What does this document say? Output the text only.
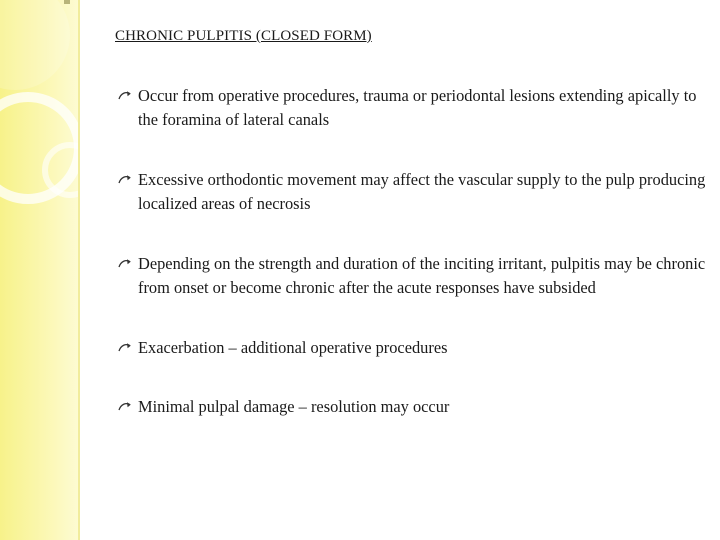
CHRONIC PULPITIS (CLOSED FORM)
Occur from operative procedures, trauma or periodontal lesions extending apically to the foramina of lateral canals
Excessive orthodontic movement may affect the vascular supply to the pulp producing localized areas of necrosis
Depending on the strength and duration of the inciting irritant, pulpitis may be chronic from onset or become chronic after the acute responses have subsided
Exacerbation – additional operative procedures
Minimal pulpal damage – resolution may occur
